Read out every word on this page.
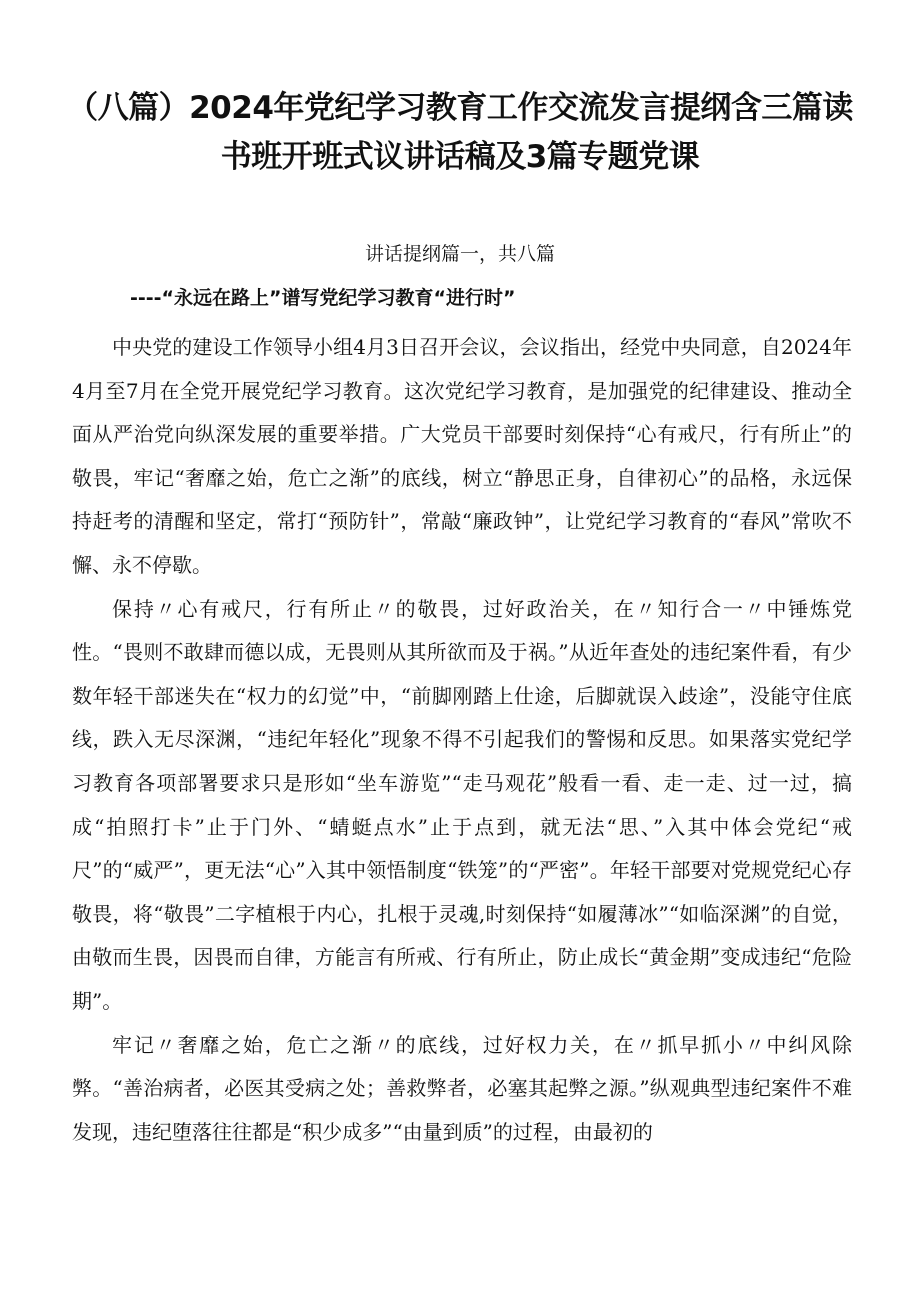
（八篇）2024年党纪学习教育工作交流发言提纲含三篇读书班开班式议讲话稿及3篇专题党课
讲话提纲篇一，共八篇
----“永远在路上”谱写党纪学习教育“进行时”

中央党的建设工作领导小组4月3日召开会议，会议指出，经党中央同意，自2024年4月至7月在全党开展党纪学习教育。这次党纪学习教育，是加强党的纪律建设、推动全面从严治党向纵深发展的重要举措。广大党员干部要时刻保持“心有戒尺，行有所止”的敬畏，牢记“奢靡之始，危亡之渐”的底线，树立“静思正身，自律初心”的品格，永远保持赶考的清醒和坚定，常打“预防针”，常敲“廉政钟”，让党纪学习教育的“春风”常吹不懈、永不停歇。

保持〃心有戒尺，行有所止〃的敬畏，过好政治关，在〃知行合一〃中锤炼党性。“畏则不敢肆而德以成，无畏则从其所欲而及于祸。”从近年查处的违纪案件看，有少数年轻干部迷失在“权力的幻觉”中，“前脚刚踏上仕途，后脚就误入歧途”，没能守住底线，跌入无尽深渊，“违纪年轻化”现象不得不引起我们的警惕和反思。如果落实党纪学习教育各项部署要求只是形如“坐车游览”“走马观花”般看一看、走一走、过一过，搞成“拍照打卡”止于门外、“蜻蜓点水”止于点到，就无法“思、”入其中体会党纪“戒尺”的“威严”，更无法“心”入其中领悟制度“铁笼”的“严密”。年轻干部要对党规党纪心存敬畏，将“敬畏”二字植根于内心，扎根于灵魂,时刻保持“如履薄冰”“如临深渊”的自觉，由敬而生畏，因畏而自律，方能言有所戒、行有所止，防止成长“黄金期”变成违纪“危险期”。

牢记〃奢靡之始，危亡之渐〃的底线，过好权力关，在〃抓早抓小〃中纠风除弊。“善治病者，必医其受病之处；善救弊者，必塞其起弊之源。”纵观典型违纪案件不难发现，违纪堕落往往都是“积少成多”“由量到质”的过程，由最初的
